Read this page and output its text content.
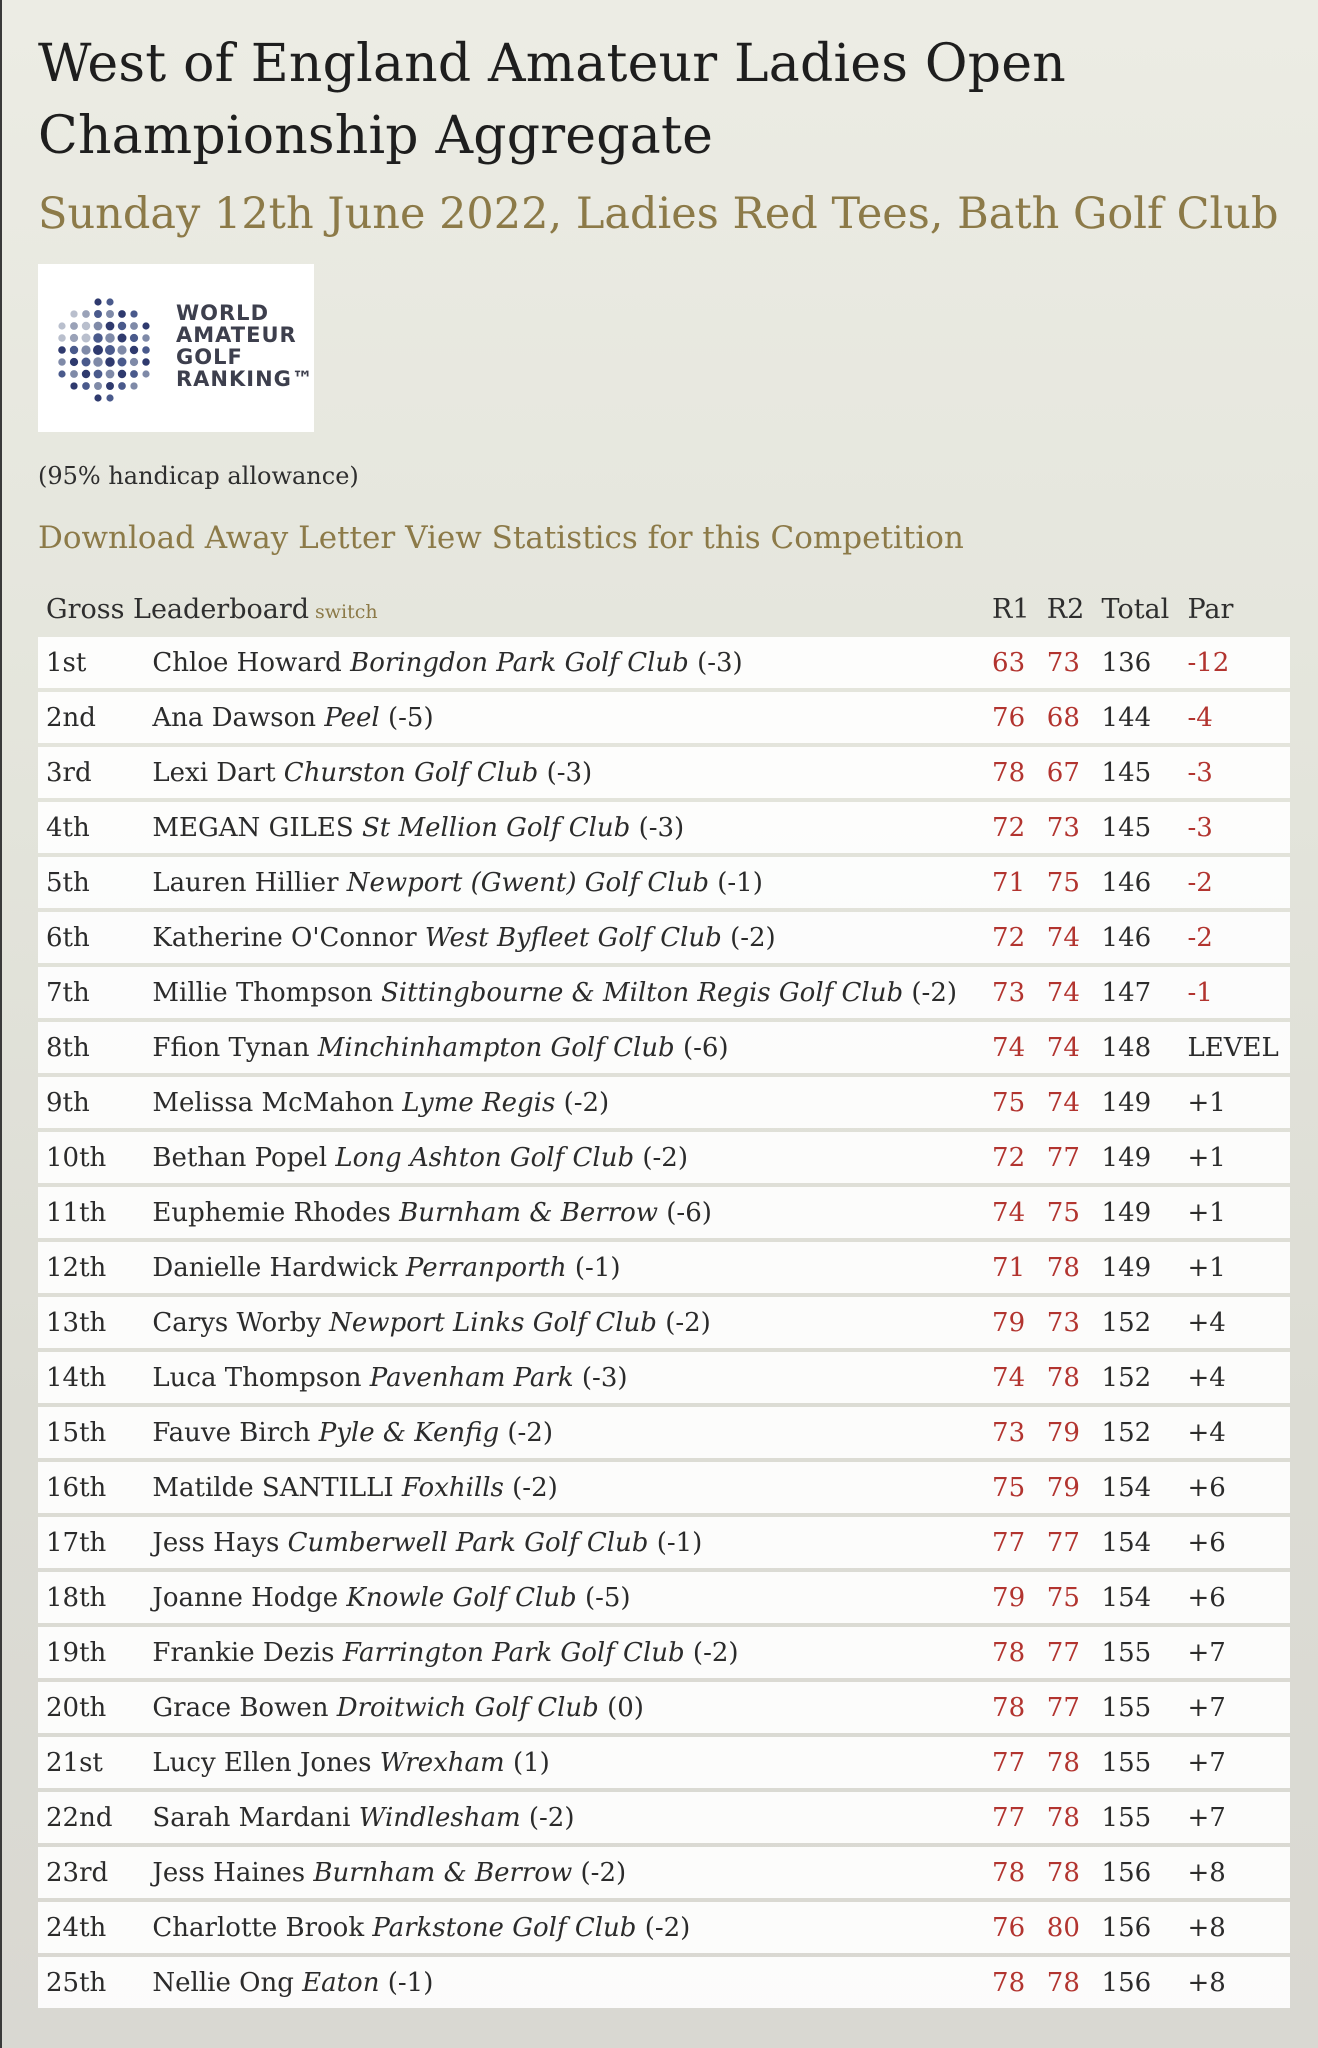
West of England Amateur Ladies Open
Championship Aggregate
Sunday 12th June 2022, Ladies Red Tees, Bath Golf Club
WORLD
AMATEUR
GOLF
RANKING™
(95% handicap allowance)
Download Away Letter View Statistics for this Competition
Gross Leaderboard switch		R1	R2	Total	Par
1st	Chloe Howard Boringdon Park Golf Club (-3)	63	73	136	-12
2nd	Ana Dawson Peel (-5)	76	68	144	-4
3rd	Lexi Dart Churston Golf Club (-3)	78	67	145	-3
4th	MEGAN GILES St Mellion Golf Club (-3)	72	73	145	-3
5th	Lauren Hillier Newport (Gwent) Golf Club (-1)	71	75	146	-2
6th	Katherine O'Connor West Byfleet Golf Club (-2)	72	74	146	-2
7th	Millie Thompson Sittingbourne & Milton Regis Golf Club (-2)	73	74	147	-1
8th	Ffion Tynan Minchinhampton Golf Club (-6)	74	74	148	LEVEL
9th	Melissa McMahon Lyme Regis (-2)	75	74	149	+1
10th	Bethan Popel Long Ashton Golf Club (-2)	72	77	149	+1
11th	Euphemie Rhodes Burnham & Berrow (-6)	74	75	149	+1
12th	Danielle Hardwick Perranporth (-1)	71	78	149	+1
13th	Carys Worby Newport Links Golf Club (-2)	79	73	152	+4
14th	Luca Thompson Pavenham Park (-3)	74	78	152	+4
15th	Fauve Birch Pyle & Kenfig (-2)	73	79	152	+4
16th	Matilde SANTILLI Foxhills (-2)	75	79	154	+6
17th	Jess Hays Cumberwell Park Golf Club (-1)	77	77	154	+6
18th	Joanne Hodge Knowle Golf Club (-5)	79	75	154	+6
19th	Frankie Dezis Farrington Park Golf Club (-2)	78	77	155	+7
20th	Grace Bowen Droitwich Golf Club (0)	78	77	155	+7
21st	Lucy Ellen Jones Wrexham (1)	77	78	155	+7
22nd	Sarah Mardani Windlesham (-2)	77	78	155	+7
23rd	Jess Haines Burnham & Berrow (-2)	78	78	156	+8
24th	Charlotte Brook Parkstone Golf Club (-2)	76	80	156	+8
25th	Nellie Ong Eaton (-1)	78	78	156	+8
